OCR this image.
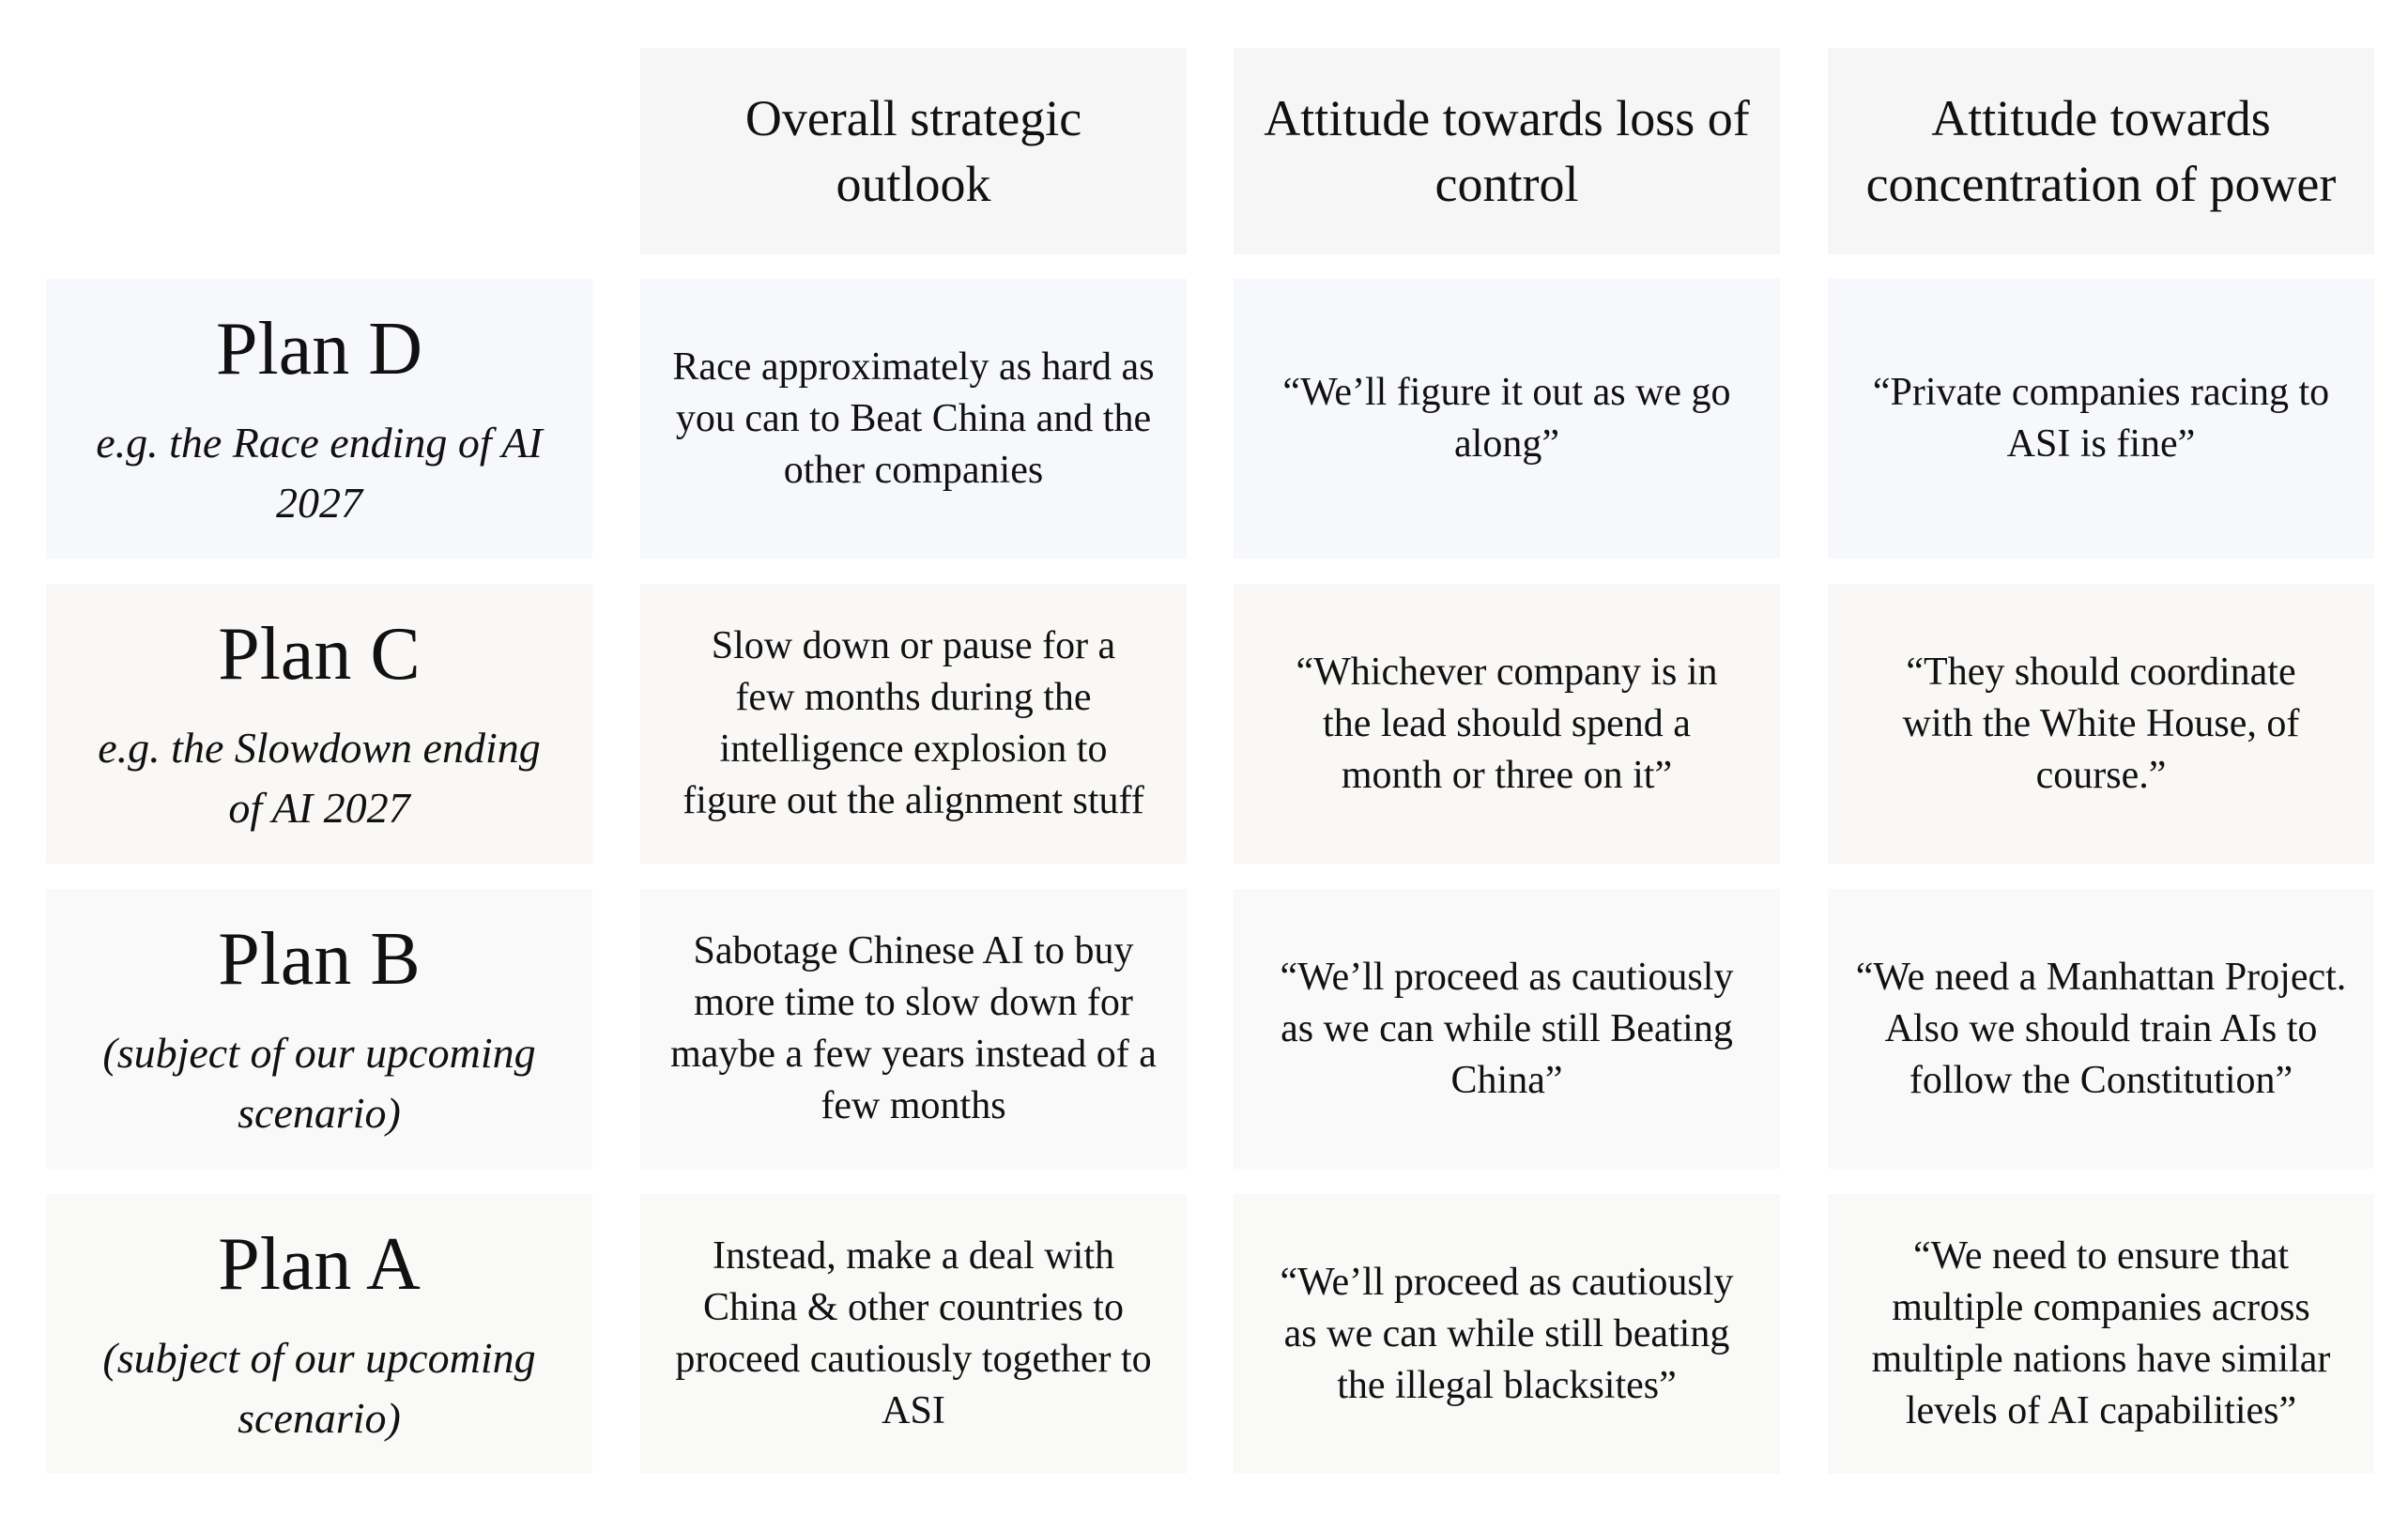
Overall strategic outlook
Attitude towards loss of control
Attitude towards concentration of power
Plan D
e.g. the Race ending of AI 2027
Race approximately as hard as you can to Beat China and the other companies
“We’ll figure it out as we go along”
“Private companies racing to ASI is fine”
Plan C
e.g. the Slowdown ending of AI 2027
Slow down or pause for a few months during the intelligence explosion to figure out the alignment stuff
“Whichever company is in the lead should spend a month or three on it”
“They should coordinate with the White House, of course.”
Plan B
(subject of our upcoming scenario)
Sabotage Chinese AI to buy more time to slow down for maybe a few years instead of a few months
“We’ll proceed as cautiously as we can while still Beating China”
“We need a Manhattan Project. Also we should train AIs to follow the Constitution”
Plan A
(subject of our upcoming scenario)
Instead, make a deal with China & other countries to proceed cautiously together to ASI
“We’ll proceed as cautiously as we can while still beating the illegal blacksites”
“We need to ensure that multiple companies across multiple nations have similar levels of AI capabilities”
